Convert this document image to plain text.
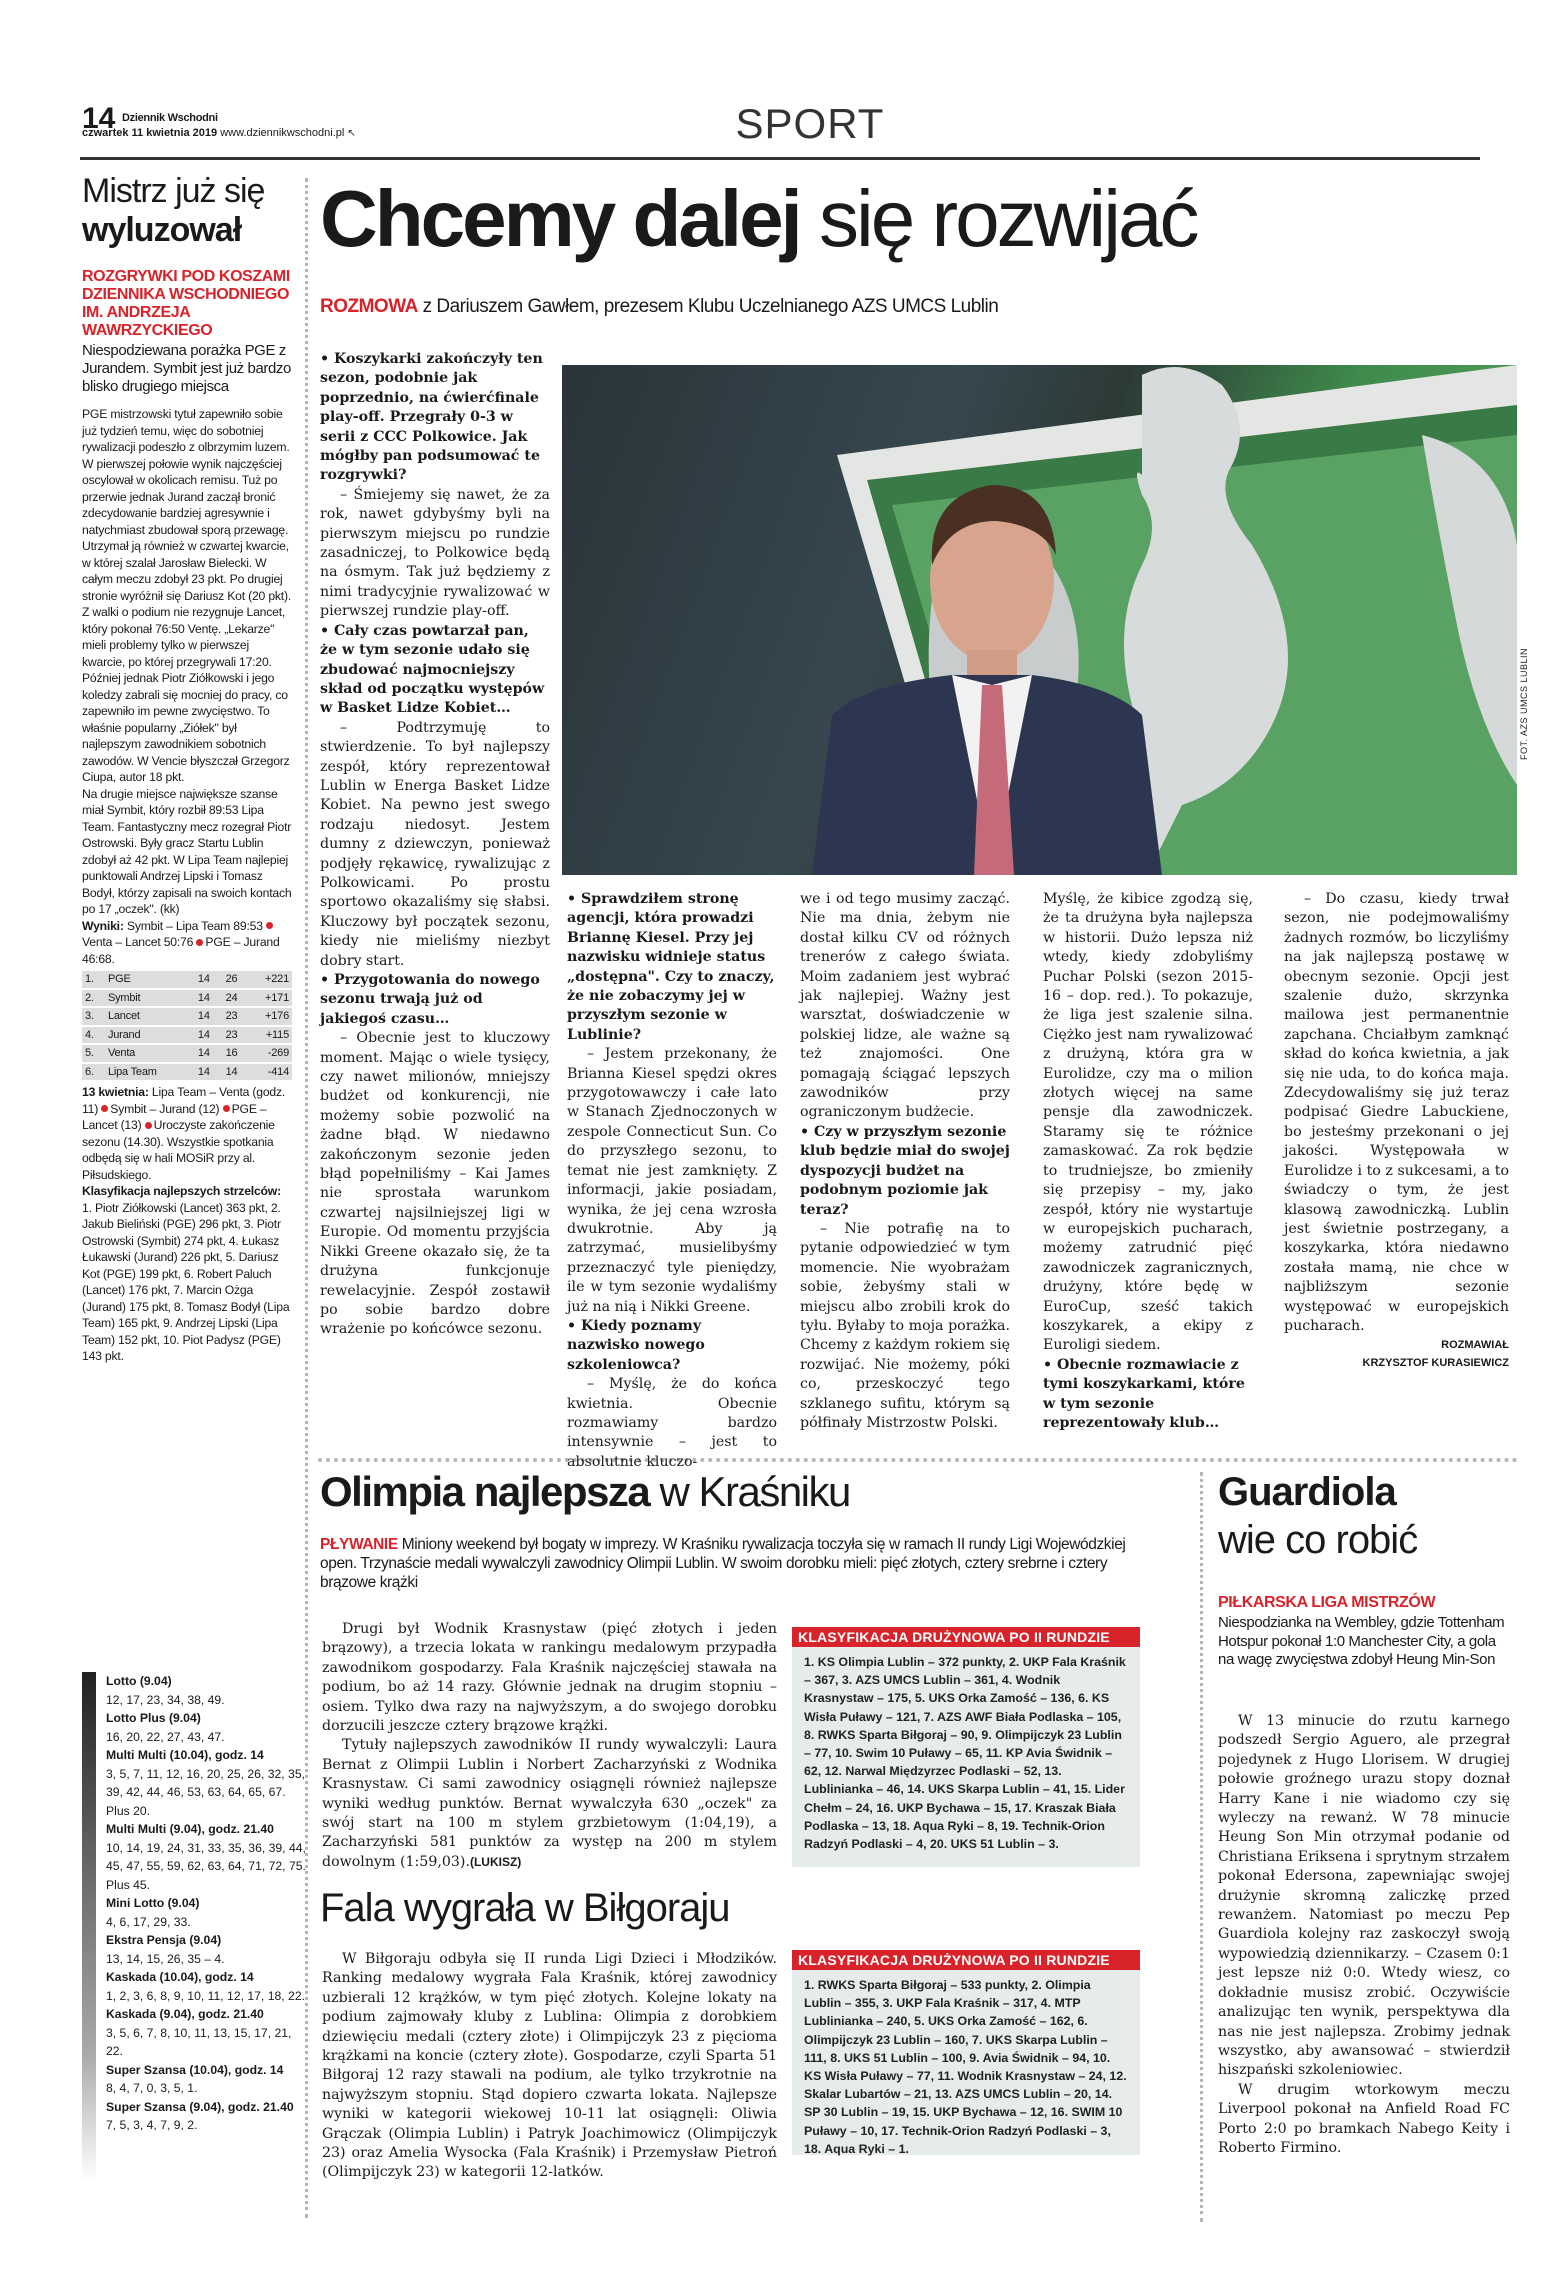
14 Dziennik Wschodni
czwartek 11 kwietnia 2019 www.dziennikwschodni.pl ↖	SPORT
Mistrz już się
wyluzował
ROZGRYWKI POD KOSZAMI DZIENNIKA WSCHODNIEGO IM. ANDRZEJA WAWRZYCKIEGO
Niespodziewana porażka PGE z Jurandem. Symbit jest już bardzo blisko drugiego miejsca

PGE mistrzowski tytuł zapewniło sobie już tydzień temu, więc do sobotniej rywalizacji podeszło z olbrzymim luzem. W pierwszej połowie wynik najczęściej oscylował w okolicach remisu. Tuż po przerwie jednak Jurand zaczął bronić zdecydowanie bardziej agresywnie i natychmiast zbudował sporą przewagę. Utrzymał ją również w czwartej kwarcie, w której szalał Jarosław Bielecki. W całym meczu zdobył 23 pkt. Po drugiej stronie wyróżnił się Dariusz Kot (20 pkt).

Z walki o podium nie rezygnuje Lancet, który pokonał 76:50 Ventę. „Lekarze" mieli problemy tylko w pierwszej kwarcie, po której przegrywali 17:20. Później jednak Piotr Ziółkowski i jego koledzy zabrali się mocniej do pracy, co zapewniło im pewne zwycięstwo. To właśnie popularny „Ziółek" był najlepszym zawodnikiem sobotnich zawodów. W Vencie błyszczał Grzegorz Ciupa, autor 18 pkt.

Na drugie miejsce największe szanse miał Symbit, który rozbił 89:53 Lipa Team. Fantastyczny mecz rozegrał Piotr Ostrowski. Były gracz Startu Lublin zdobył aż 42 pkt. W Lipa Team najlepiej punktowali Andrzej Lipski i Tomasz Bodył, którzy zapisali na swoich kontach po 17 „oczek". (kk)

Wyniki: Symbit – Lipa Team 89:53 Venta – Lancet 50:76 PGE – Jurand 46:68.

1.	PGE	14	26	+221
2.	Symbit	14	24	+171
3.	Lancet	14	23	+176
4.	Jurand	14	23	+115
5.	Venta	14	16	-269
6.	Lipa Team	14	14	-414

13 kwietnia: Lipa Team – Venta (godz. 11) Symbit – Jurand (12) PGE – Lancet (13) Uroczyste zakończenie sezonu (14.30). Wszystkie spotkania odbędą się w hali MOSiR przy al. Piłsudskiego.

Klasyfikacja najlepszych strzelców: 1. Piotr Ziółkowski (Lancet) 363 pkt, 2. Jakub Bieliński (PGE) 296 pkt, 3. Piotr Ostrowski (Symbit) 274 pkt, 4. Łukasz Łukawski (Jurand) 226 pkt, 5. Dariusz Kot (PGE) 199 pkt, 6. Robert Paluch (Lancet) 176 pkt, 7. Marcin Ożga (Jurand) 175 pkt, 8. Tomasz Bodył (Lipa Team) 165 pkt, 9. Andrzej Lipski (Lipa Team) 152 pkt, 10. Piot Padysz (PGE) 143 pkt.

Lotto (9.04)
12, 17, 23, 34, 38, 49.
Lotto Plus (9.04)
16, 20, 22, 27, 43, 47.
Multi Multi (10.04), godz. 14
3, 5, 7, 11, 12, 16, 20, 25, 26, 32, 35, 39, 42, 44, 46, 53, 63, 64, 65, 67. Plus 20.
Multi Multi (9.04), godz. 21.40
10, 14, 19, 24, 31, 33, 35, 36, 39, 44, 45, 47, 55, 59, 62, 63, 64, 71, 72, 75. Plus 45.
Mini Lotto (9.04)
4, 6, 17, 29, 33.
Ekstra Pensja (9.04)
13, 14, 15, 26, 35 – 4.
Kaskada (10.04), godz. 14
1, 2, 3, 6, 8, 9, 10, 11, 12, 17, 18, 22.
Kaskada (9.04), godz. 21.40
3, 5, 6, 7, 8, 10, 11, 13, 15, 17, 21, 22.
Super Szansa (10.04), godz. 14
8, 4, 7, 0, 3, 5, 1.
Super Szansa (9.04), godz. 21.40
7, 5, 3, 4, 7, 9, 2.
Chcemy dalej się rozwijać
ROZMOWA z Dariuszem Gawłem, prezesem Klubu Uczelnianego AZS UMCS Lublin
FOT. AZS UMCS LUBLIN

• Koszykarki zakończyły ten sezon, podobnie jak poprzednio, na ćwierćfinale play-off. Przegrały 0-3 w serii z CCC Polkowice. Jak mógłby pan podsumować te rozgrywki?

– Śmiejemy się nawet, że za rok, nawet gdybyśmy byli na pierwszym miejscu po rundzie zasadniczej, to Polkowice będą na ósmym. Tak już będziemy z nimi tradycyjnie rywalizować w pierwszej rundzie play-off.

• Cały czas powtarzał pan, że w tym sezonie udało się zbudować najmocniejszy skład od początku występów w Basket Lidze Kobiet…

– Podtrzymuję to stwierdzenie. To był najlepszy zespół, który reprezentował Lublin w Energa Basket Lidze Kobiet. Na pewno jest swego rodzaju niedosyt. Jestem dumny z dziewczyn, ponieważ podjęły rękawicę, rywalizując z Polkowicami. Po prostu sportowo okazaliśmy się słabsi. Kluczowy był początek sezonu, kiedy nie mieliśmy niezbyt dobry start.

• Przygotowania do nowego sezonu trwają już od jakiegoś czasu…

– Obecnie jest to kluczowy moment. Mając o wiele tysięcy, czy nawet milionów, mniejszy budżet od konkurencji, nie możemy sobie pozwolić na żadne błąd. W niedawno zakończonym sezonie jeden błąd popełniliśmy – Kai James nie sprostała warunkom czwartej najsilniejszej ligi w Europie. Od momentu przyjścia Nikki Greene okazało się, że ta drużyna funkcjonuje rewelacyjnie. Zespół zostawił po sobie bardzo dobre wrażenie po końcówce sezonu.

• Sprawdziłem stronę agencji, która prowadzi Briannę Kiesel. Przy jej nazwisku widnieje status „dostępna". Czy to znaczy, że nie zobaczymy jej w przyszłym sezonie w Lublinie?

– Jestem przekonany, że Brianna Kiesel spędzi okres przygotowawczy i całe lato w Stanach Zjednoczonych w zespole Connecticut Sun. Co do przyszłego sezonu, to temat nie jest zamknięty. Z informacji, jakie posiadam, wynika, że jej cena wzrosła dwukrotnie. Aby ją zatrzymać, musielibyśmy przeznaczyć tyle pieniędzy, ile w tym sezonie wydaliśmy już na nią i Nikki Greene.

• Kiedy poznamy nazwisko nowego szkoleniowca?

– Myślę, że do końca kwietnia. Obecnie rozmawiamy bardzo intensywnie – jest to absolutnie kluczo-

we i od tego musimy zacząć. Nie ma dnia, żebym nie dostał kilku CV od różnych trenerów z całego świata. Moim zadaniem jest wybrać jak najlepiej. Ważny jest warsztat, doświadczenie w polskiej lidze, ale ważne są też znajomości. One pomagają ściągać lepszych zawodników przy ograniczonym budżecie.

• Czy w przyszłym sezonie klub będzie miał do swojej dyspozycji budżet na podobnym poziomie jak teraz?

– Nie potrafię na to pytanie odpowiedzieć w tym momencie. Nie wyobrażam sobie, żebyśmy stali w miejscu albo zrobili krok do tyłu. Byłaby to moja porażka. Chcemy z każdym rokiem się rozwijać. Nie możemy, póki co, przeskoczyć tego szklanego sufitu, którym są półfinały Mistrzostw Polski.

Myślę, że kibice zgodzą się, że ta drużyna była najlepsza w historii. Dużo lepsza niż wtedy, kiedy zdobyliśmy Puchar Polski (sezon 2015-16 – dop. red.). To pokazuje, że liga jest szalenie silna. Ciężko jest nam rywalizować z drużyną, która gra w Eurolidze, czy ma o milion złotych więcej na same pensje dla zawodniczek. Staramy się te różnice zamaskować. Za rok będzie to trudniejsze, bo zmieniły się przepisy – my, jako zespół, który nie wystartuje w europejskich pucharach, możemy zatrudnić pięć zawodniczek zagranicznych, drużyny, które będę w EuroCup, sześć takich koszykarek, a ekipy z Euroligi siedem.

• Obecnie rozmawiacie z tymi koszykarkami, które w tym sezonie reprezentowały klub…

– Do czasu, kiedy trwał sezon, nie podejmowaliśmy żadnych rozmów, bo liczyliśmy na jak najlepszą postawę w obecnym sezonie. Opcji jest szalenie dużo, skrzynka mailowa jest permanentnie zapchana. Chciałbym zamknąć skład do końca kwietnia, a jak się nie uda, to do końca maja. Zdecydowaliśmy się już teraz podpisać Giedre Labuckiene, bo jesteśmy przekonani o jej jakości. Występowała w Eurolidze i to z sukcesami, a to świadczy o tym, że jest klasową zawodniczką. Lublin jest świetnie postrzegany, a koszykarka, która niedawno została mamą, nie chce w najbliższym sezonie występować w europejskich pucharach.

ROZMAWIAŁ

KRZYSZTOF KURASIEWICZ

Olimpia najlepsza w Kraśniku
PŁYWANIE Miniony weekend był bogaty w imprezy. W Kraśniku rywalizacja toczyła się w ramach II rundy Ligi Wojewódzkiej open. Trzynaście medali wywalczyli zawodnicy Olimpii Lublin. W swoim dorobku mieli: pięć złotych, cztery srebrne i cztery brązowe krążki

Drugi był Wodnik Krasnystaw (pięć złotych i jeden brązowy), a trzecia lokata w rankingu medalowym przypadła zawodnikom gospodarzy. Fala Kraśnik najczęściej stawała na podium, bo aż 14 razy. Głównie jednak na drugim stopniu – osiem. Tylko dwa razy na najwyższym, a do swojego dorobku dorzucili jeszcze cztery brązowe krążki.

Tytuły najlepszych zawodników II rundy wywalczyli: Laura Bernat z Olimpii Lublin i Norbert Zacharzyński z Wodnika Krasnystaw. Ci sami zawodnicy osiągnęli również najlepsze wyniki według punktów. Bernat wywalczyła 630 „oczek" za swój start na 100 m stylem grzbietowym (1:04,19), a Zacharzyński 581 punktów za występ na 200 m stylem dowolnym (1:59,03).(LUKISZ)

KLASYFIKACJA DRUŻYNOWA PO II RUNDZIE
1. KS Olimpia Lublin – 372 punkty, 2. UKP Fala Kraśnik – 367, 3. AZS UMCS Lublin – 361, 4. Wodnik Krasnystaw – 175, 5. UKS Orka Zamość – 136, 6. KS Wisła Puławy – 121, 7. AZS AWF Biała Podlaska – 105, 8. RWKS Sparta Biłgoraj – 90, 9. Olimpijczyk 23 Lublin – 77, 10. Swim 10 Puławy – 65, 11. KP Avia Świdnik – 62, 12. Narwal Międzyrzec Podlaski – 52, 13. Lublinianka – 46, 14. UKS Skarpa Lublin – 41, 15. Lider Chełm – 24, 16. UKP Bychawa – 15, 17. Kraszak Biała Podlaska – 13, 18. Aqua Ryki – 8, 19. Technik-Orion Radzyń Podlaski – 4, 20. UKS 51 Lublin – 3.
Fala wygrała w Biłgoraju

W Biłgoraju odbyła się II runda Ligi Dzieci i Młodzików. Ranking medalowy wygrała Fala Kraśnik, której zawodnicy uzbierali 12 krążków, w tym pięć złotych. Kolejne lokaty na podium zajmowały kluby z Lublina: Olimpia z dorobkiem dziewięciu medali (cztery złote) i Olimpijczyk 23 z pięcioma krążkami na koncie (cztery złote). Gospodarze, czyli Sparta 51 Biłgoraj 12 razy stawali na podium, ale tylko trzykrotnie na najwyższym stopniu. Stąd dopiero czwarta lokata. Najlepsze wyniki w kategorii wiekowej 10-11 lat osiągnęli: Oliwia Grączak (Olimpia Lublin) i Patryk Joachimowicz (Olimpijczyk 23) oraz Amelia Wysocka (Fala Kraśnik) i Przemysław Pietroń (Olimpijczyk 23) w kategorii 12-latków.

KLASYFIKACJA DRUŻYNOWA PO II RUNDZIE
1. RWKS Sparta Biłgoraj – 533 punkty, 2. Olimpia Lublin – 355, 3. UKP Fala Kraśnik – 317, 4. MTP Lublinianka – 240, 5. UKS Orka Zamość – 162, 6. Olimpijczyk 23 Lublin – 160, 7. UKS Skarpa Lublin – 111, 8. UKS 51 Lublin – 100, 9. Avia Świdnik – 94, 10. KS Wisła Puławy – 77, 11. Wodnik Krasnystaw – 24, 12. Skalar Lubartów – 21, 13. AZS UMCS Lublin – 20, 14. SP 30 Lublin – 19, 15. UKP Bychawa – 12, 16. SWIM 10 Puławy – 10, 17. Technik-Orion Radzyń Podlaski – 3, 18. Aqua Ryki – 1.
Guardiola
wie co robić
PIŁKARSKA LIGA MISTRZÓW
Niespodzianka na Wembley, gdzie Tottenham Hotspur pokonał 1:0 Manchester City, a gola na wagę zwycięstwa zdobył Heung Min-Son

W 13 minucie do rzutu karnego podszedł Sergio Aguero, ale przegrał pojedynek z Hugo Llorisem. W drugiej połowie groźnego urazu stopy doznał Harry Kane i nie wiadomo czy się wyleczy na rewanż. W 78 minucie Heung Son Min otrzymał podanie od Christiana Eriksena i sprytnym strzałem pokonał Edersona, zapewniając swojej drużynie skromną zaliczkę przed rewanżem. Natomiast po meczu Pep Guardiola kolejny raz zaskoczył swoją wypowiedzią dziennikarzy. – Czasem 0:1 jest lepsze niż 0:0. Wtedy wiesz, co dokładnie musisz zrobić. Oczywiście analizując ten wynik, perspektywa dla nas nie jest najlepsza. Zrobimy jednak wszystko, aby awansować – stwierdził hiszpański szkoleniowiec.

W drugim wtorkowym meczu Liverpool pokonał na Anfield Road FC Porto 2:0 po bramkach Nabego Keity i Roberto Firmino.
